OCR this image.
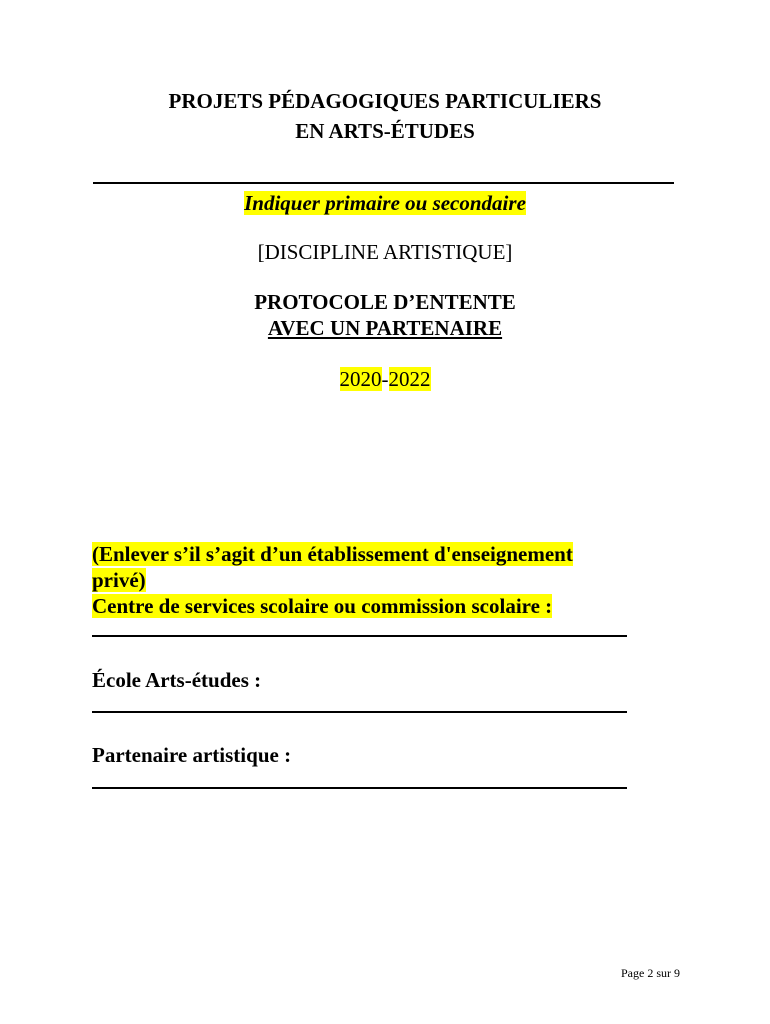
PROJETS PÉDAGOGIQUES PARTICULIERS
EN ARTS-ÉTUDES
Indiquer primaire ou secondaire
[DISCIPLINE ARTISTIQUE]
PROTOCOLE D’ENTENTE
AVEC UN PARTENAIRE
2020-2022
(Enlever s’il s’agit d’un établissement d'enseignement
privé)
Centre de services scolaire ou commission scolaire :
École Arts-études :
Partenaire artistique :
Page 2 sur 9
